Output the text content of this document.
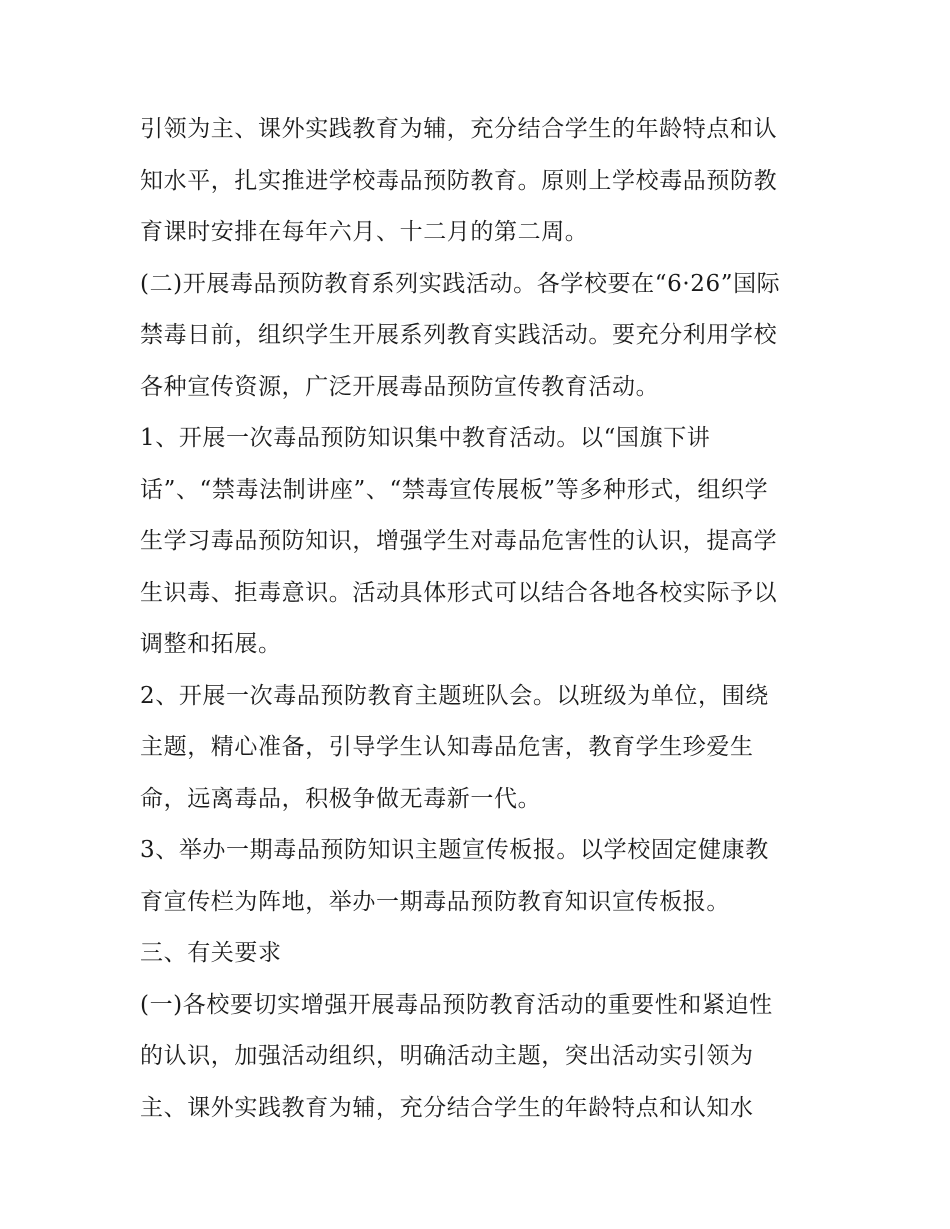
引领为主、课外实践教育为辅，充分结合学生的年龄特点和认
知水平，扎实推进学校毒品预防教育。原则上学校毒品预防教
育课时安排在每年六月、十二月的第二周。
(二)开展毒品预防教育系列实践活动。各学校要在“6·26”国际
禁毒日前，组织学生开展系列教育实践活动。要充分利用学校
各种宣传资源，广泛开展毒品预防宣传教育活动。
1、开展一次毒品预防知识集中教育活动。以“国旗下讲
话”、“禁毒法制讲座”、“禁毒宣传展板”等多种形式，组织学
生学习毒品预防知识，增强学生对毒品危害性的认识，提高学
生识毒、拒毒意识。活动具体形式可以结合各地各校实际予以
调整和拓展。
2、开展一次毒品预防教育主题班队会。以班级为单位，围绕
主题，精心准备，引导学生认知毒品危害，教育学生珍爱生
命，远离毒品，积极争做无毒新一代。
3、举办一期毒品预防知识主题宣传板报。以学校固定健康教
育宣传栏为阵地，举办一期毒品预防教育知识宣传板报。
三、有关要求
(一)各校要切实增强开展毒品预防教育活动的重要性和紧迫性
的认识，加强活动组织，明确活动主题，突出活动实引领为
主、课外实践教育为辅，充分结合学生的年龄特点和认知水
